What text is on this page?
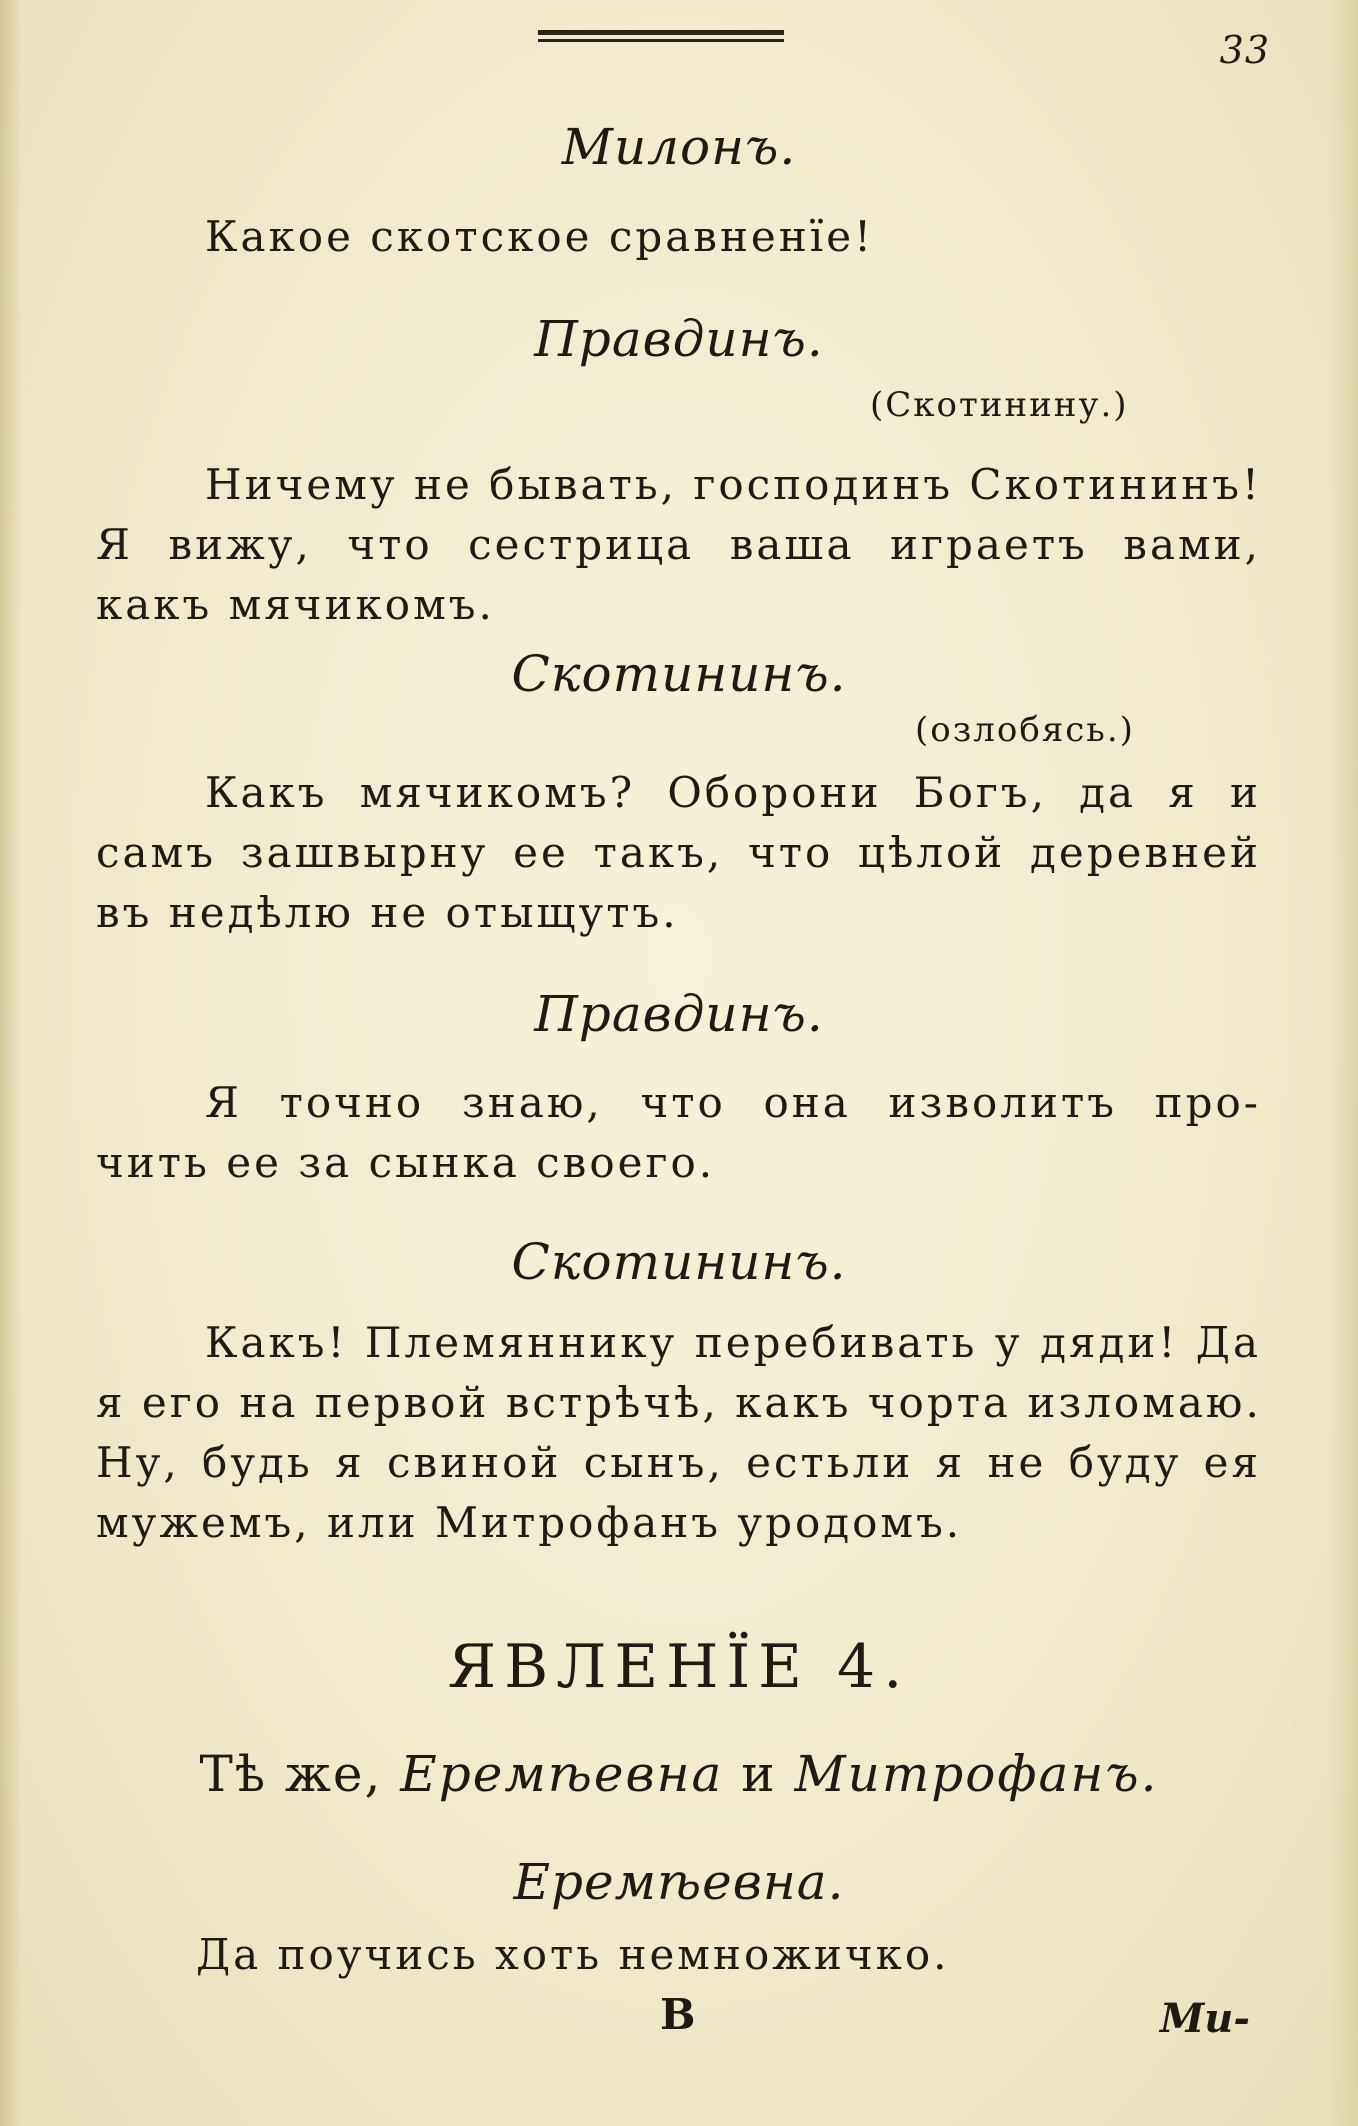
33
Милонъ.
Какое скотское сравненїе!
Правдинъ.
(Скотинину.)
Ничему не бывать, господинъ Скотининъ!
Я вижу, что сестрица ваша играетъ вами,
какъ мячикомъ.
Скотининъ.
(озлобясь.)
Какъ мячикомъ? Оборони Богъ, да я и
самъ зашвырну ее такъ, что цѣлой деревней
въ недѣлю не отыщутъ.
Правдинъ.
Я точно знаю, что она изволитъ про-
чить ее за сынка своего.
Скотининъ.
Какъ! Племяннику перебивать у дяди! Да
я его на первой встрѣчѣ, какъ чорта изломаю.
Ну, будь я свиной сынъ, естьли я не буду ея
мужемъ, или Митрофанъ уродомъ.
ЯВЛЕНЇЕ 4.
Тѣ же, Еремѣевна и Митрофанъ.
Еремѣевна.
Да поучись хоть немножичко.
В	Ми-
